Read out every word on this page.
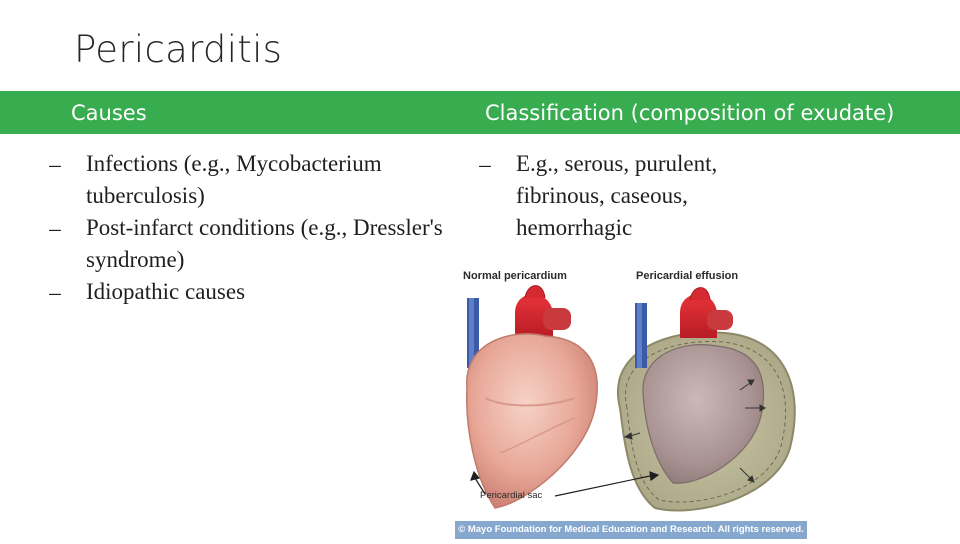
Pericarditis
Causes	Classification (composition of exudate)
– Infections (e.g., Mycobacterium tuberculosis)
– Post-infarct conditions (e.g., Dressler's syndrome)
– Idiopathic causes
– E.g., serous, purulent, fibrinous, caseous, hemorrhagic
Normal pericardium	Pericardial effusion
Pericardial sac
© Mayo Foundation for Medical Education and Research. All rights reserved.
